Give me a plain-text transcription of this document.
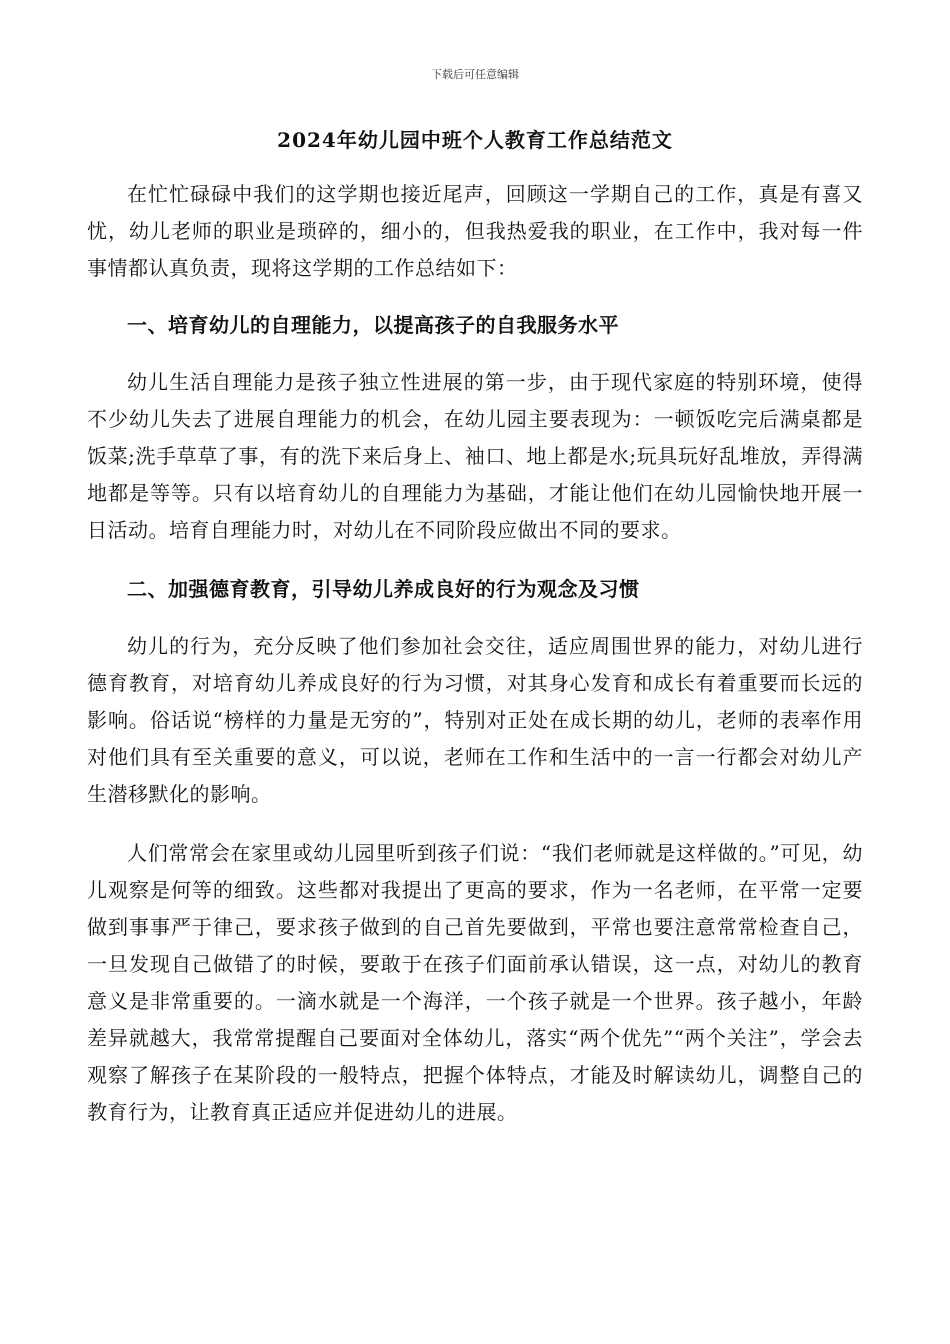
下载后可任意编辑
2024年幼儿园中班个人教育工作总结范文

在忙忙碌碌中我们的这学期也接近尾声，回顾这一学期自己的工作，真是有喜又忧，幼儿老师的职业是琐碎的，细小的，但我热爱我的职业，在工作中，我对每一件事情都认真负责，现将这学期的工作总结如下：

一、培育幼儿的自理能力，以提高孩子的自我服务水平

幼儿生活自理能力是孩子独立性进展的第一步，由于现代家庭的特别环境，使得不少幼儿失去了进展自理能力的机会，在幼儿园主要表现为：一顿饭吃完后满桌都是饭菜;洗手草草了事，有的洗下来后身上、袖口、地上都是水;玩具玩好乱堆放，弄得满地都是等等。只有以培育幼儿的自理能力为基础，才能让他们在幼儿园愉快地开展一日活动。培育自理能力时，对幼儿在不同阶段应做出不同的要求。

二、加强德育教育，引导幼儿养成良好的行为观念及习惯

幼儿的行为，充分反映了他们参加社会交往，适应周围世界的能力，对幼儿进行德育教育，对培育幼儿养成良好的行为习惯，对其身心发育和成长有着重要而长远的影响。俗话说“榜样的力量是无穷的”，特别对正处在成长期的幼儿，老师的表率作用对他们具有至关重要的意义，可以说，老师在工作和生活中的一言一行都会对幼儿产生潜移默化的影响。

人们常常会在家里或幼儿园里听到孩子们说：“我们老师就是这样做的。”可见，幼儿观察是何等的细致。这些都对我提出了更高的要求，作为一名老师，在平常一定要做到事事严于律己，要求孩子做到的自己首先要做到，平常也要注意常常检查自己，一旦发现自己做错了的时候，要敢于在孩子们面前承认错误，这一点，对幼儿的教育意义是非常重要的。一滴水就是一个海洋，一个孩子就是一个世界。孩子越小，年龄差异就越大，我常常提醒自己要面对全体幼儿，落实“两个优先”“两个关注”，学会去观察了解孩子在某阶段的一般特点，把握个体特点，才能及时解读幼儿，调整自己的教育行为，让教育真正适应并促进幼儿的进展。
